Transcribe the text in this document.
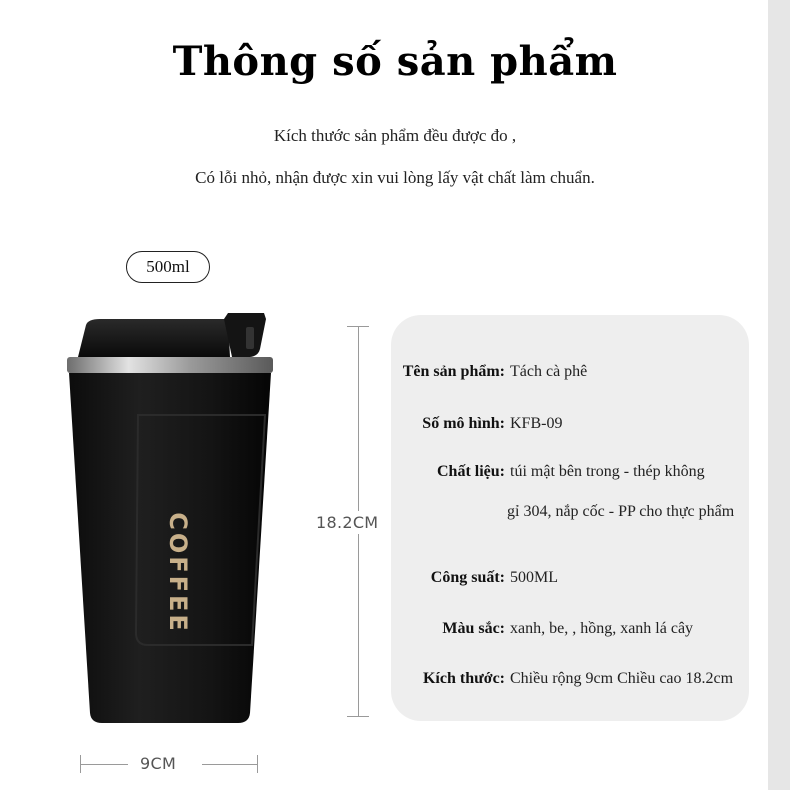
Thông số sản phẩm
Kích thước sản phẩm đều được đo ,
Có lỗi nhỏ, nhận được xin vui lòng lấy vật chất làm chuẩn.
500ml
COFFEE	18.2CM
9CM
Tên sản phẩm: Tách cà phê
Số mô hình: KFB-09
Chất liệu: túi mật bên trong - thép không
gỉ 304, nắp cốc - PP cho thực phẩm
Công suất: 500ML
Màu sắc: xanh, be, , hồng, xanh lá cây
Kích thước: Chiều rộng 9cm Chiều cao 18.2cm
